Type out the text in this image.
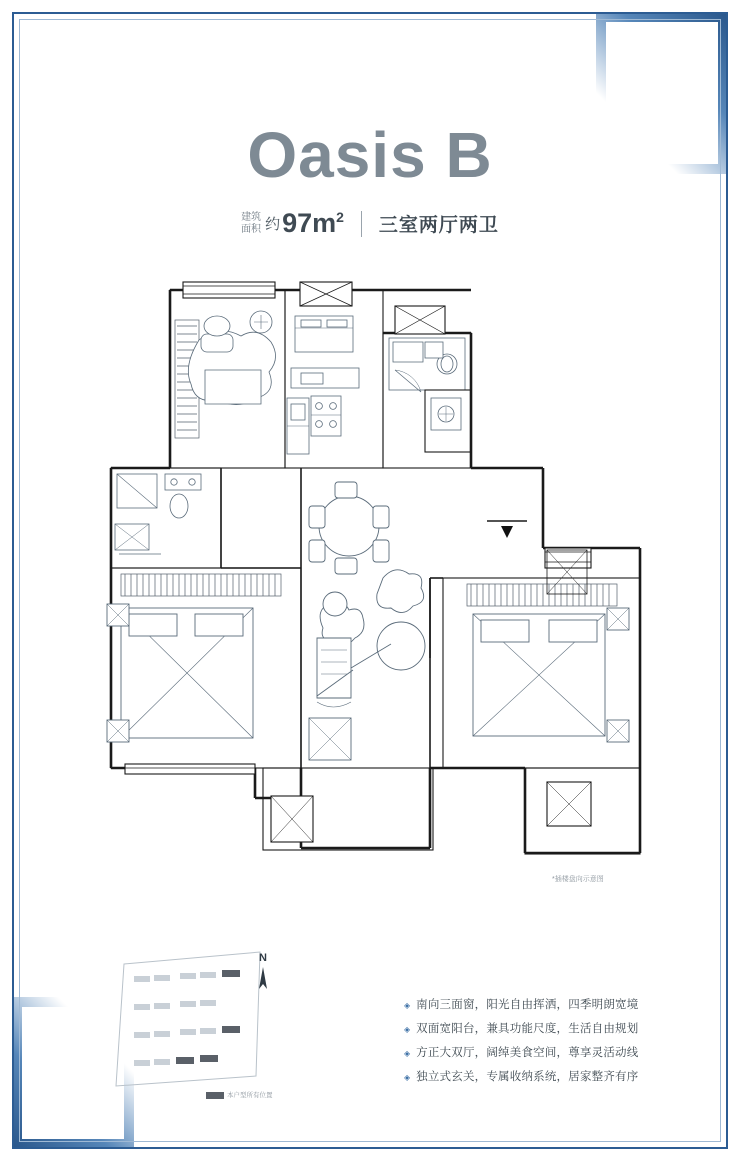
Oasis B
建筑
面积 约 $97m^2$ 三室两厅两卫
*插楼盘向示意图
N
本户型所有位置
◈ 南向三面窗，阳光自由挥洒，四季明朗宽境
◈ 双面宽阳台，兼具功能尺度，生活自由规划
◈ 方正大双厅，阔绰美食空间，尊享灵活动线
◈ 独立式玄关，专属收纳系统，居家整齐有序
